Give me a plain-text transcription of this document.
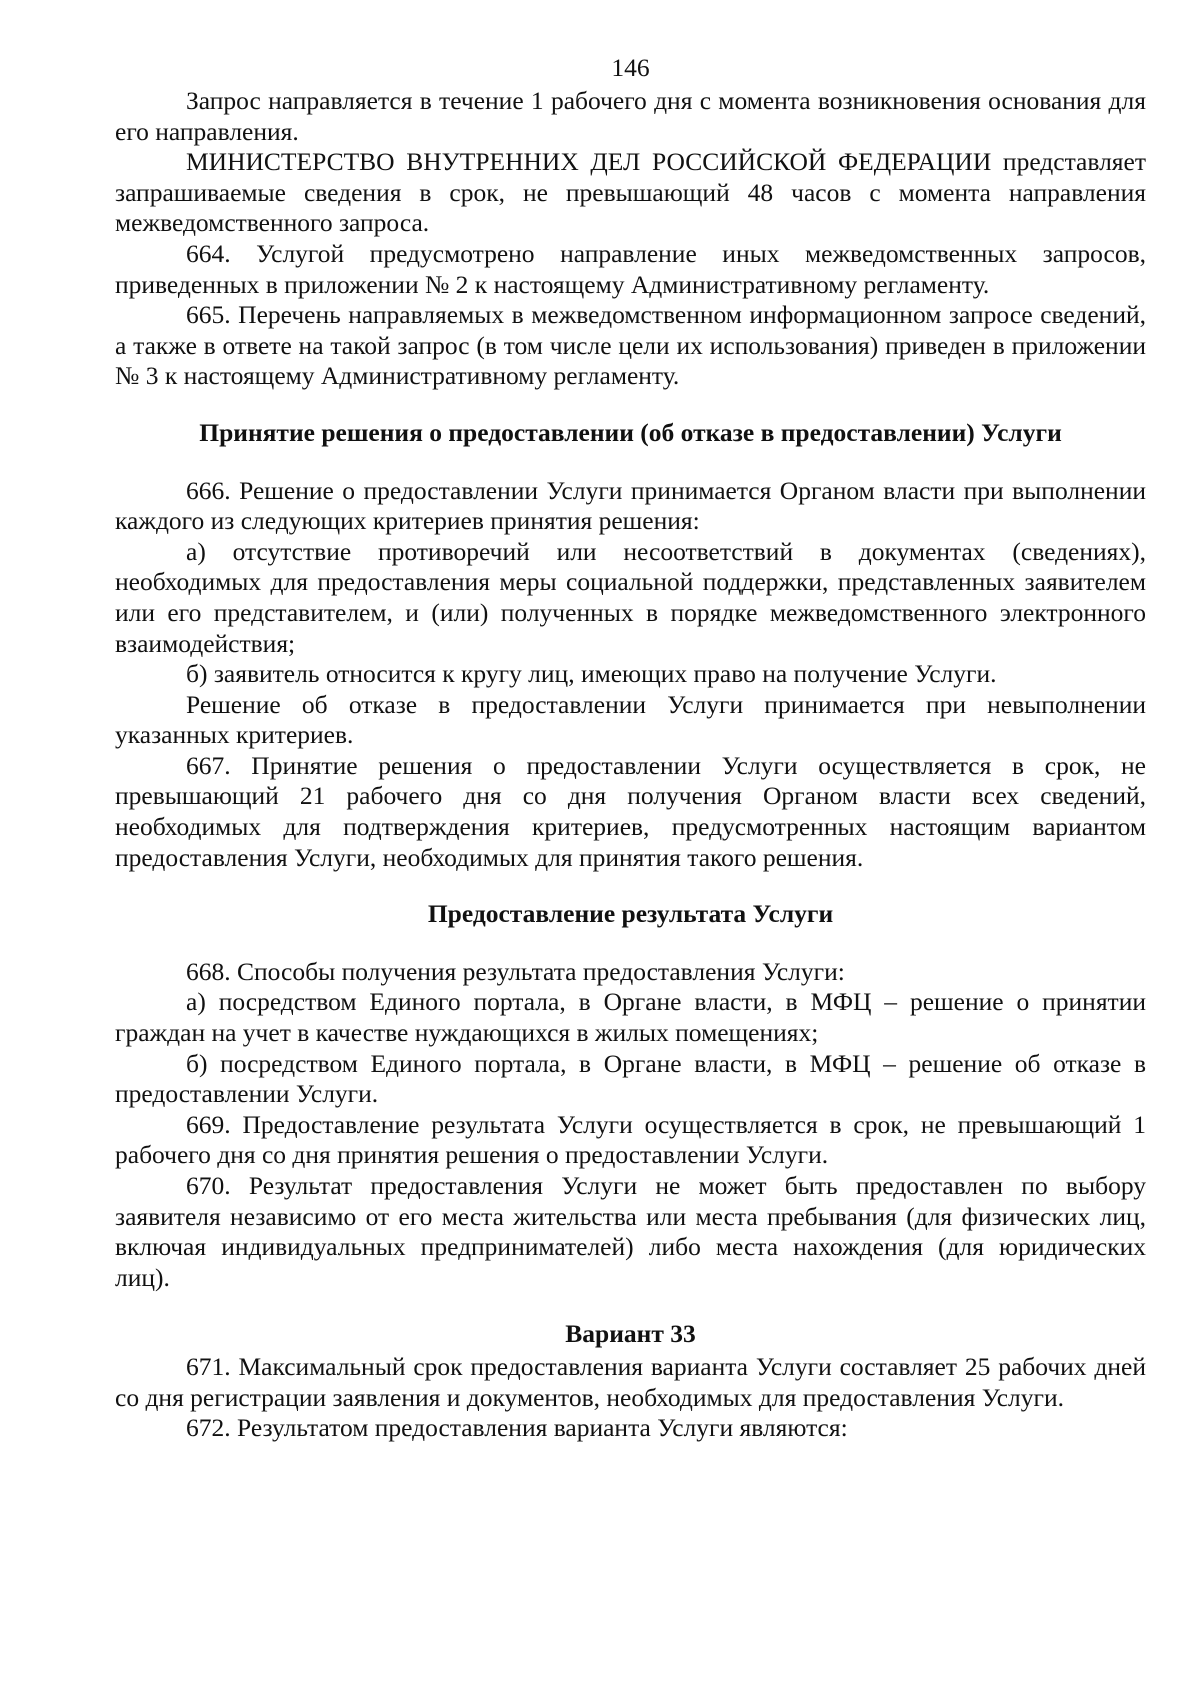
146

Запрос направляется в течение 1 рабочего дня с момента возникновения основания для его направления.

МИНИСТЕРСТВО ВНУТРЕННИХ ДЕЛ РОССИЙСКОЙ ФЕДЕРАЦИИ представляет запрашиваемые сведения в срок, не превышающий 48 часов с момента направления межведомственного запроса.

664. Услугой предусмотрено направление иных межведомственных запросов, приведенных в приложении № 2 к настоящему Административному регламенту.

665. Перечень направляемых в межведомственном информационном запросе сведений, а также в ответе на такой запрос (в том числе цели их использования) приведен в приложении № 3 к настоящему Административному регламенту.

Принятие решения о предоставлении (об отказе в предоставлении) Услуги

666. Решение о предоставлении Услуги принимается Органом власти при выполнении каждого из следующих критериев принятия решения:

а) отсутствие противоречий или несоответствий в документах (сведениях), необходимых для предоставления меры социальной поддержки, представленных заявителем или его представителем, и (или) полученных в порядке межведомственного электронного взаимодействия;

б) заявитель относится к кругу лиц, имеющих право на получение Услуги.

Решение об отказе в предоставлении Услуги принимается при невыполнении указанных критериев.

667. Принятие решения о предоставлении Услуги осуществляется в срок, не превышающий 21 рабочего дня со дня получения Органом власти всех сведений, необходимых для подтверждения критериев, предусмотренных настоящим вариантом предоставления Услуги, необходимых для принятия такого решения.

Предоставление результата Услуги

668. Способы получения результата предоставления Услуги:

а) посредством Единого портала, в Органе власти, в МФЦ – решение о принятии граждан на учет в качестве нуждающихся в жилых помещениях;

б) посредством Единого портала, в Органе власти, в МФЦ – решение об отказе в предоставлении Услуги.

669. Предоставление результата Услуги осуществляется в срок, не превышающий 1 рабочего дня со дня принятия решения о предоставлении Услуги.

670. Результат предоставления Услуги не может быть предоставлен по выбору заявителя независимо от его места жительства или места пребывания (для физических лиц, включая индивидуальных предпринимателей) либо места нахождения (для юридических лиц).

Вариант 33

671. Максимальный срок предоставления варианта Услуги составляет 25 рабочих дней со дня регистрации заявления и документов, необходимых для предоставления Услуги.

672. Результатом предоставления варианта Услуги являются:
